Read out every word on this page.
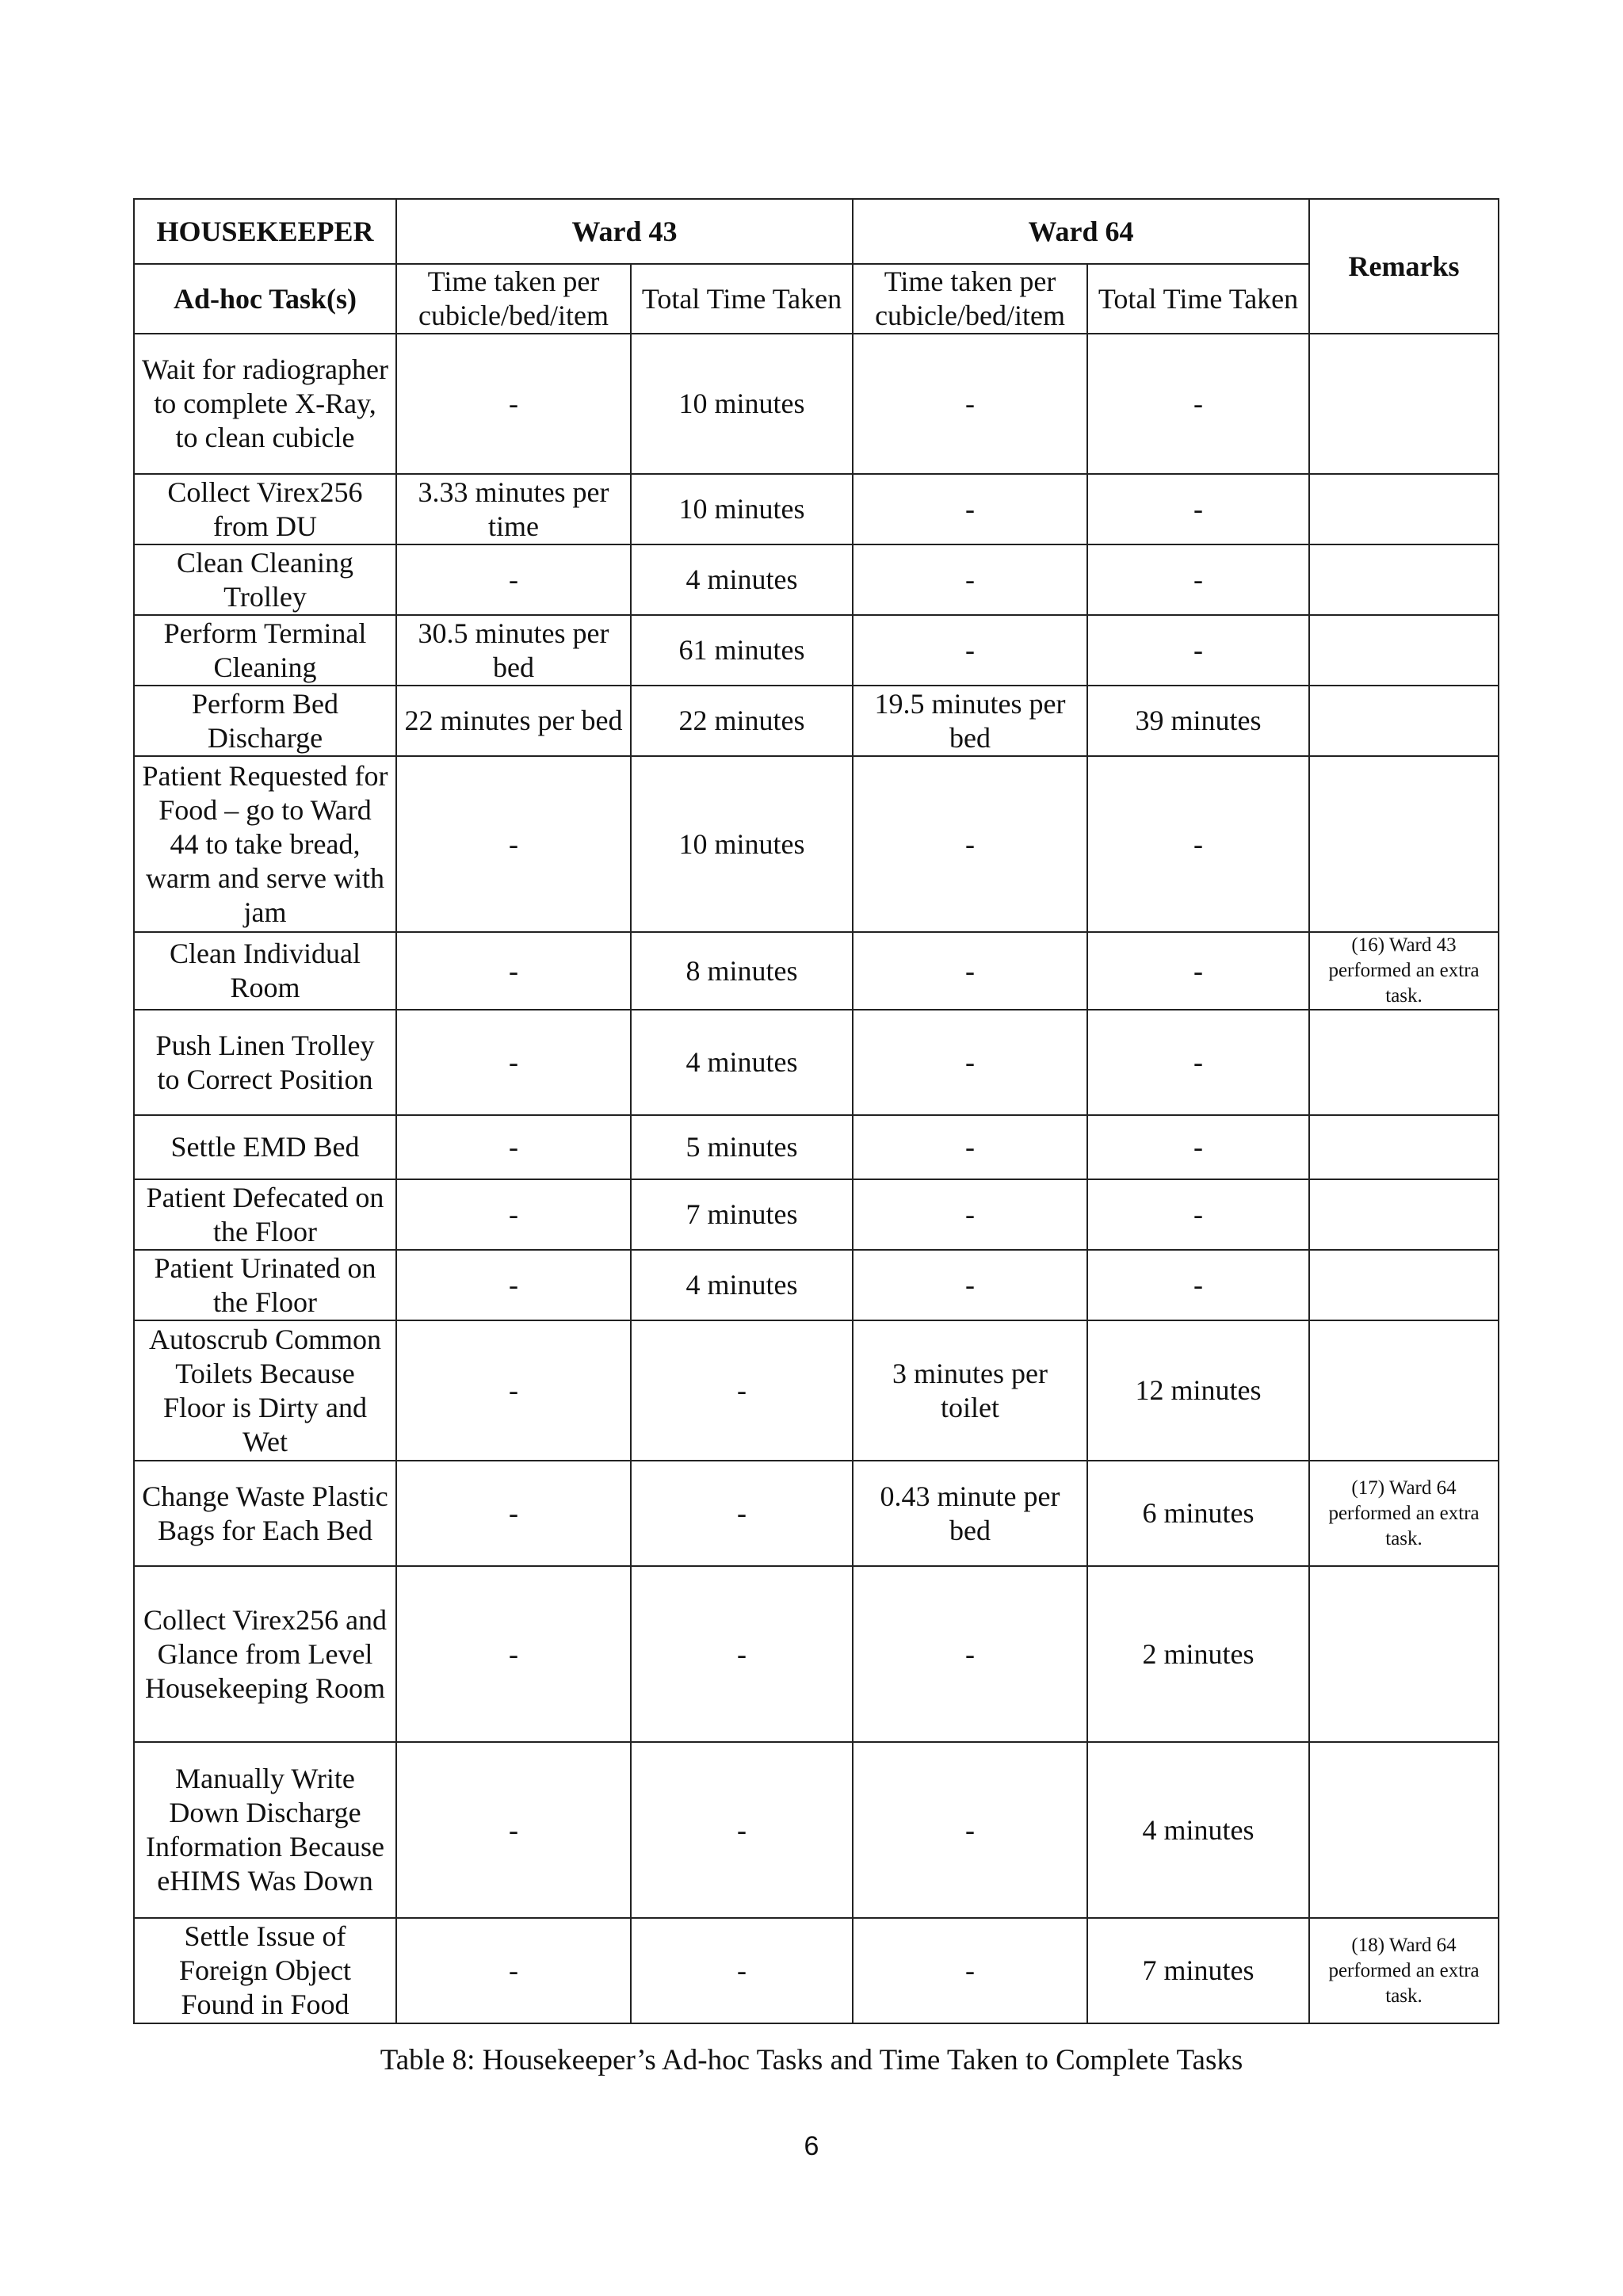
HOUSEKEEPER	Ward 43		Ward 64		Remarks
Ad-hoc Task(s)	Time taken per cubicle/bed/item	Total Time Taken	Time taken per cubicle/bed/item	Total Time Taken	
Wait for radiographer to complete X-Ray, to clean cubicle	-	10 minutes	-	-	
Collect Virex256 from DU	3.33 minutes per time	10 minutes	-	-	
Clean Cleaning Trolley	-	4 minutes	-	-	
Perform Terminal Cleaning	30.5 minutes per bed	61 minutes	-	-	
Perform Bed Discharge	22 minutes per bed	22 minutes	19.5 minutes per bed	39 minutes	
Patient Requested for Food – go to Ward 44 to take bread, warm and serve with jam	-	10 minutes	-	-	
Clean Individual Room	-	8 minutes	-	-	(16) Ward 43 performed an extra task.
Push Linen Trolley to Correct Position	-	4 minutes	-	-	
Settle EMD Bed	-	5 minutes	-	-	
Patient Defecated on the Floor	-	7 minutes	-	-	
Patient Urinated on the Floor	-	4 minutes	-	-	
Autoscrub Common Toilets Because Floor is Dirty and Wet	-	-	3 minutes per toilet	12 minutes	
Change Waste Plastic Bags for Each Bed	-	-	0.43 minute per bed	6 minutes	(17) Ward 64 performed an extra task.
Collect Virex256 and Glance from Level Housekeeping Room	-	-	-	2 minutes	
Manually Write Down Discharge Information Because eHIMS Was Down	-	-	-	4 minutes	
Settle Issue of Foreign Object Found in Food	-	-	-	7 minutes	(18) Ward 64 performed an extra task.
Table 8: Housekeeper’s Ad-hoc Tasks and Time Taken to Complete Tasks
6
